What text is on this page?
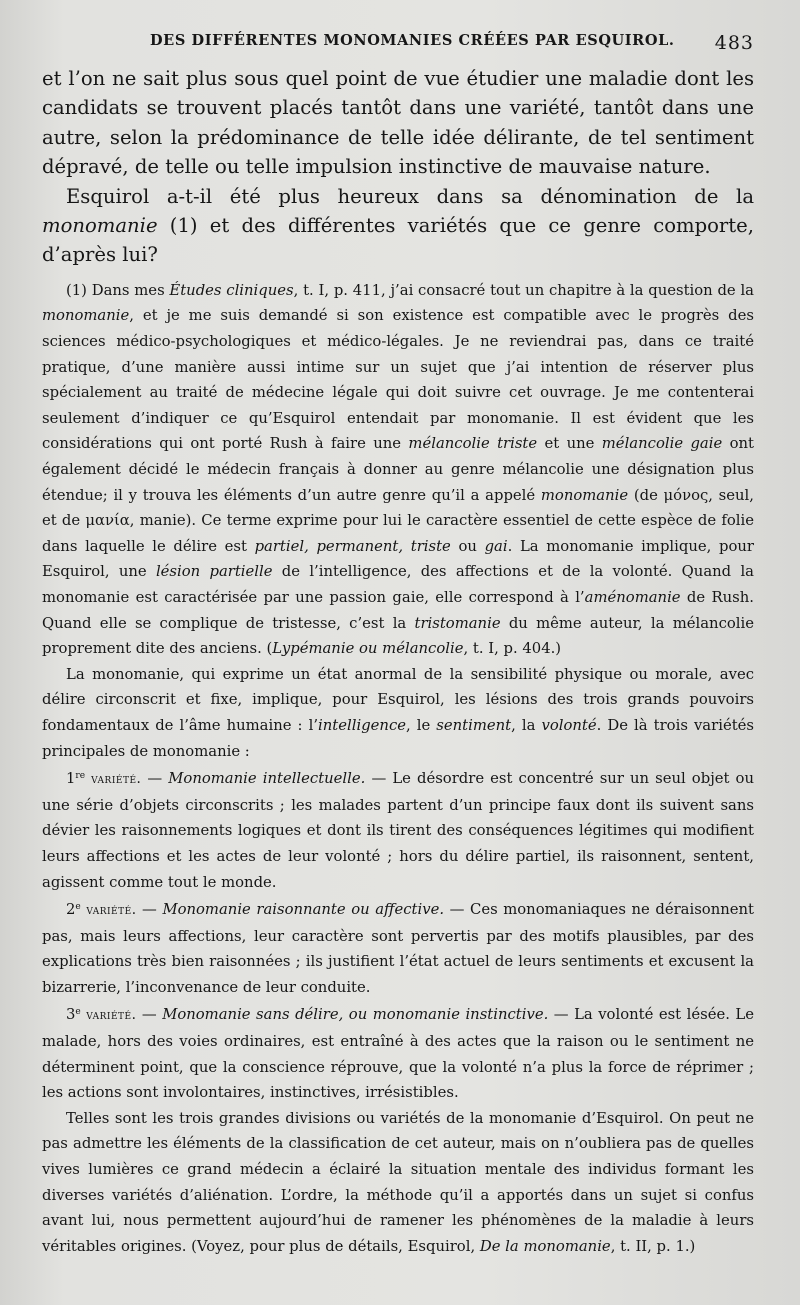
DES DIFFÉRENTES MONOMANIES CRÉÉES PAR ESQUIROL. 483

et l’on ne sait plus sous quel point de vue étudier une maladie dont les candidats se trouvent placés tantôt dans une variété, tantôt dans une autre, selon la prédominance de telle idée délirante, de tel sentiment dépravé, de telle ou telle impulsion instinctive de mauvaise nature.

Esquirol a-t-il été plus heureux dans sa dénomination de la monomanie (1) et des différentes variétés que ce genre comporte, d’après lui?

(1) Dans mes Études cliniques, t. I, p. 411, j’ai consacré tout un chapitre à la question de la monomanie, et je me suis demandé si son existence est compatible avec le progrès des sciences médico-psychologiques et médico-légales. Je ne reviendrai pas, dans ce traité pratique, d’une manière aussi intime sur un sujet que j’ai intention de réserver plus spécialement au traité de médecine légale qui doit suivre cet ouvrage. Je me contenterai seulement d’indiquer ce qu’Esquirol entendait par monomanie. Il est évident que les considérations qui ont porté Rush à faire une mélancolie triste et une mélancolie gaie ont également décidé le médecin français à donner au genre mélancolie une désignation plus étendue; il y trouva les éléments d’un autre genre qu’il a appelé monomanie (de μόνος, seul, et de μανία, manie). Ce terme exprime pour lui le caractère essentiel de cette espèce de folie dans laquelle le délire est partiel, permanent, triste ou gai. La monomanie implique, pour Esquirol, une lésion partielle de l’intelligence, des affections et de la volonté. Quand la monomanie est caractérisée par une passion gaie, elle correspond à l’aménomanie de Rush. Quand elle se complique de tristesse, c’est la tristomanie du même auteur, la mélancolie proprement dite des anciens. (Lypémanie ou mélancolie, t. I, p. 404.)

La monomanie, qui exprime un état anormal de la sensibilité physique ou morale, avec délire circonscrit et fixe, implique, pour Esquirol, les lésions des trois grands pouvoirs fondamentaux de l’âme humaine : l’intelligence, le sentiment, la volonté. De là trois variétés principales de monomanie :

1re variété. — Monomanie intellectuelle. — Le désordre est concentré sur un seul objet ou une série d’objets circonscrits ; les malades partent d’un principe faux dont ils suivent sans dévier les raisonnements logiques et dont ils tirent des conséquences légitimes qui modifient leurs affections et les actes de leur volonté ; hors du délire partiel, ils raisonnent, sentent, agissent comme tout le monde.

2e variété. — Monomanie raisonnante ou affective. — Ces monomaniaques ne déraisonnent pas, mais leurs affections, leur caractère sont pervertis par des motifs plausibles, par des explications très bien raisonnées ; ils justifient l’état actuel de leurs sentiments et excusent la bizarrerie, l’inconvenance de leur conduite.

3e variété. — Monomanie sans délire, ou monomanie instinctive. — La volonté est lésée. Le malade, hors des voies ordinaires, est entraîné à des actes que la raison ou le sentiment ne déterminent point, que la conscience réprouve, que la volonté n’a plus la force de réprimer ; les actions sont involontaires, instinctives, irrésistibles.

Telles sont les trois grandes divisions ou variétés de la monomanie d’Esquirol. On peut ne pas admettre les éléments de la classification de cet auteur, mais on n’oubliera pas de quelles vives lumières ce grand médecin a éclairé la situation mentale des individus formant les diverses variétés d’aliénation. L’ordre, la méthode qu’il a apportés dans un sujet si confus avant lui, nous permettent aujourd’hui de ramener les phénomènes de la maladie à leurs véritables origines. (Voyez, pour plus de détails, Esquirol, De la monomanie, t. II, p. 1.)
